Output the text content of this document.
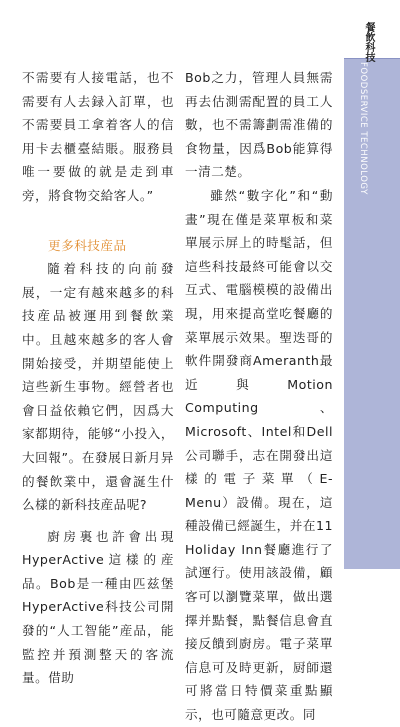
不需要有人接電話，也不需要有人去録入訂單，也不需要員工拿着客人的信用卡去櫃臺結賬。服務員唯一要做的就是走到車旁，將食物交給客人。”

更多科技産品

隨着科技的向前發展，一定有越來越多的科技産品被運用到餐飲業中。且越來越多的客人會開始接受，并期望能使上這些新生事物。經營者也會日益依賴它們，因爲大家都期待，能够“小投入，大回報”。在發展日新月异的餐飲業中，還會誕生什么樣的新科技産品呢?

廚房裏也許會出現HyperActive這樣的産品。Bob是一種由匹兹堡HyperActive科技公司開發的“人工智能”産品，能監控并預測整天的客流量。借助

Bob之力，管理人員無需再去估測需配置的員工人數，也不需籌劃需准備的食物量，因爲Bob能算得一清二楚。

雖然“數字化”和“動畫”現在僅是菜單板和菜單展示屏上的時髦話，但這些科技最終可能會以交互式、電腦模模的設備出現，用來提高堂吃餐廳的菜單展示效果。聖迭哥的軟件開發商Ameranth最近與Motion Computing、Microsoft、Intel和Dell公司聯手，志在開發出這樣的電子菜單（E-Menu）設備。現在，這種設備已經誕生，并在11 Holiday Inn餐廳進行了試運行。使用該設備，顧客可以瀏覽菜單，做出選擇并點餐，點餐信息會直接反饋到廚房。電子菜單信息可及時更新，厨師還可將當日特價菜重點顯示，也可隨意更改。同

餐飲科技
FOODSERVICE TECHNOLOGY
